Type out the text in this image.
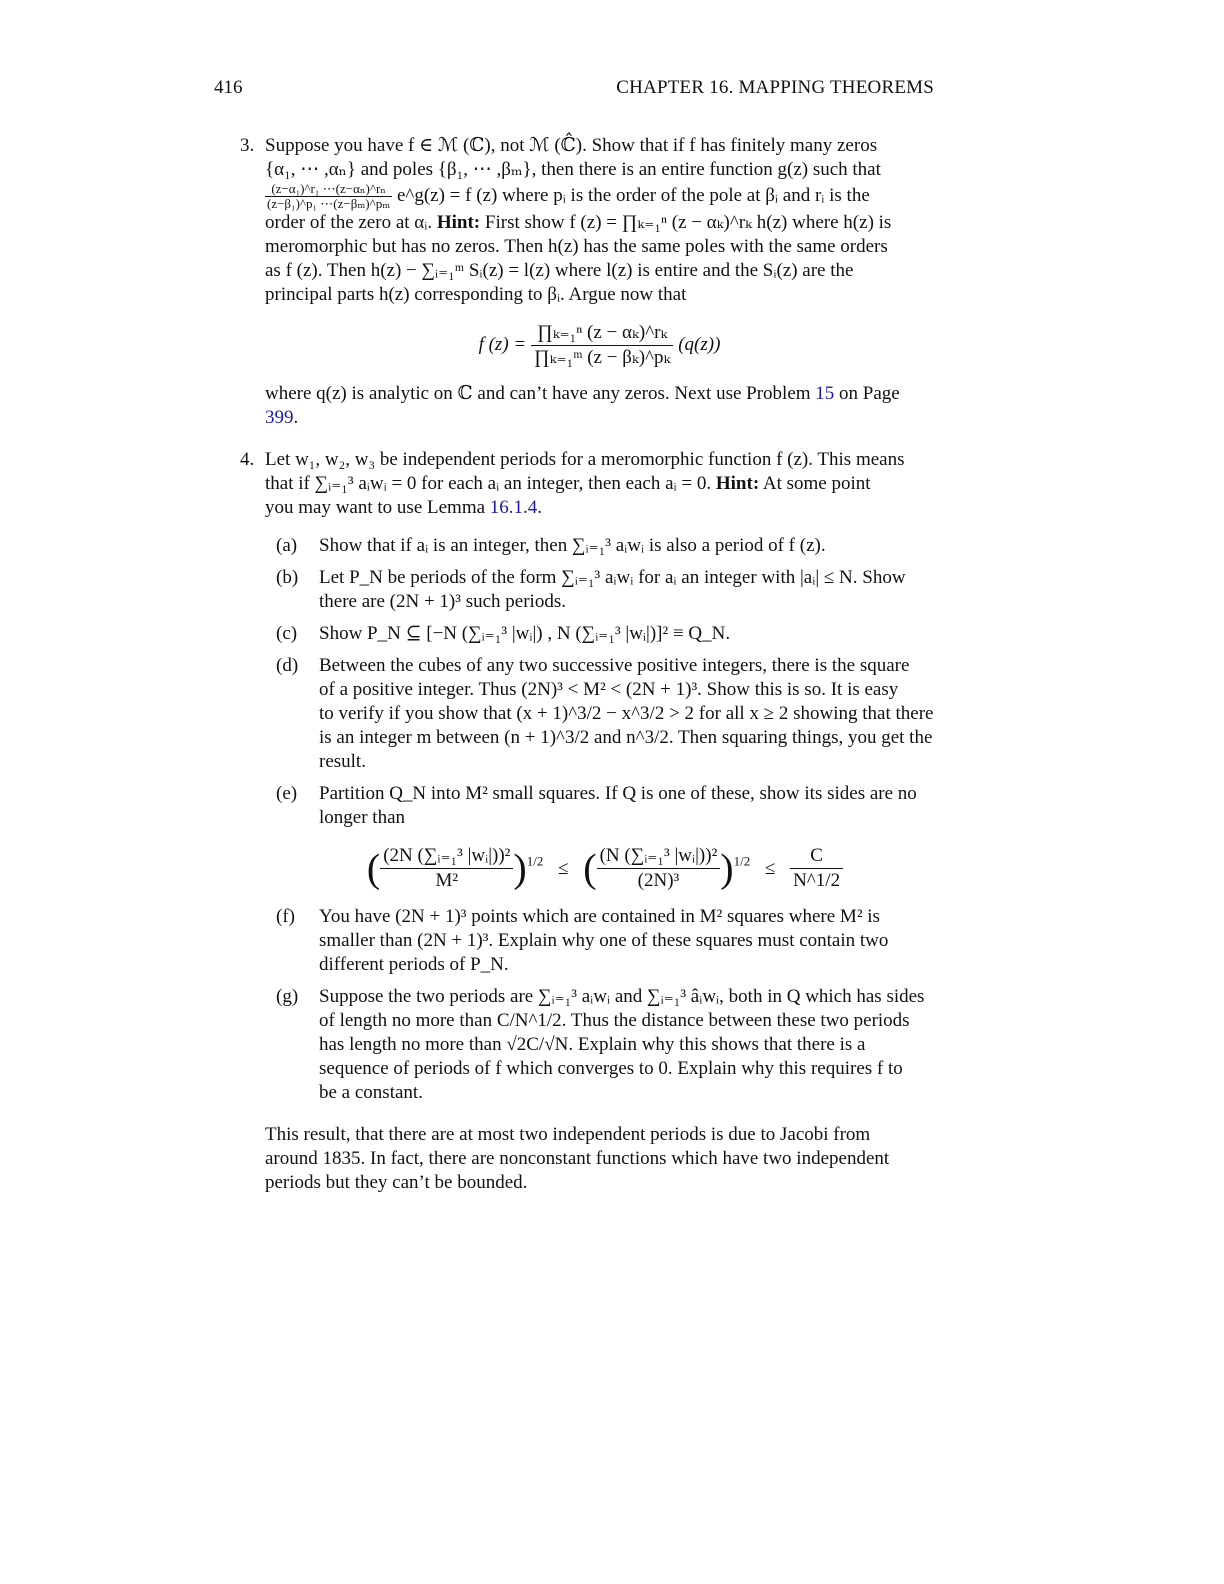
416	CHAPTER 16. MAPPING THEOREMS
3. Suppose you have f ∈ ℳ (ℂ), not ℳ (ℂ̂). Show that if f has finitely many zeros

{α₁, ⋯ ,αₙ} and poles {β₁, ⋯ ,βₘ}, then there is an entire function g(z) such that

$\frac{\text{(z−α₁)\textasciicircum{}r₁ ⋯(z−αₙ)\textasciicircum{}rₙ}}{\text{(z−β₁)\textasciicircum{}p₁ ⋯(z−βₘ)\textasciicircum{}pₘ}}$ e^g(z) = f (z) where pᵢ is the order of the pole at βᵢ and rᵢ is the

order of the zero at αᵢ. Hint: First show f (z) = ∏ₖ₌₁ⁿ (z − αₖ)^rₖ h(z) where h(z) is

meromorphic but has no zeros. Then h(z) has the same poles with the same orders

as f (z). Then h(z) − ∑ᵢ₌₁ᵐ Sᵢ(z) = l(z) where l(z) is entire and the Sᵢ(z) are the

principal parts h(z) corresponding to βᵢ. Argue now that

f $(z) = \frac{\text{∏ₖ₌₁ⁿ (z − αₖ)\textasciicircum{}rₖ}}{\text{∏ₖ₌₁ᵐ (z − βₖ)\textasciicircum{}pₖ}} (q(z))$

where q(z) is analytic on ℂ and can’t have any zeros. Next use Problem 15 on Page

399.

4. Let w₁, w₂, w₃ be independent periods for a meromorphic function f (z). This means

that if ∑ᵢ₌₁³ aᵢwᵢ = 0 for each aᵢ an integer, then each aᵢ = 0. Hint: At some point

you may want to use Lemma 16.1.4.

(a) Show that if aᵢ is an integer, then ∑ᵢ₌₁³ aᵢwᵢ is also a period of f (z).

(b) Let P_N be periods of the form ∑ᵢ₌₁³ aᵢwᵢ for aᵢ an integer with |aᵢ| ≤ N. Show

there are (2N + 1)³ such periods.

(c) Show P_N ⊆ [−N (∑ᵢ₌₁³ |wᵢ|) , N (∑ᵢ₌₁³ |wᵢ|)]² ≡ Q_N.

(d) Between the cubes of any two successive positive integers, there is the square

of a positive integer. Thus (2N)³ < M² < (2N + 1)³. Show this is so. It is easy

to verify if you show that (x + 1)^3/2 − x^3/2 > 2 for all x ≥ 2 showing that there

is an integer m between (n + 1)^3/2 and n^3/2. Then squaring things, you get the

result.

(e) Partition Q_N into M² small squares. If Q is one of these, show its sides are no

longer than

( $\frac{\text{(2N (∑ᵢ₌₁³ |wᵢ|))²}}{\text{M²}} )^{1/2}$ ≤ ( $\frac{\text{(N (∑ᵢ₌₁³ |wᵢ|))²}}{\text{(2N)³}} )^{1/2} \le \frac{C}{N\^{}1/2}$
(f) You have (2N + 1)³ points which are contained in M² squares where M² is

smaller than (2N + 1)³. Explain why one of these squares must contain two

different periods of P_N.

(g) Suppose the two periods are ∑ᵢ₌₁³ aᵢwᵢ and ∑ᵢ₌₁³ âᵢwᵢ, both in Q which has sides

of length no more than C/N^1/2. Thus the distance between these two periods

has length no more than √2C/√N. Explain why this shows that there is a

sequence of periods of f which converges to 0. Explain why this requires f to

be a constant.

This result, that there are at most two independent periods is due to Jacobi from

around 1835. In fact, there are nonconstant functions which have two independent

periods but they can’t be bounded.
